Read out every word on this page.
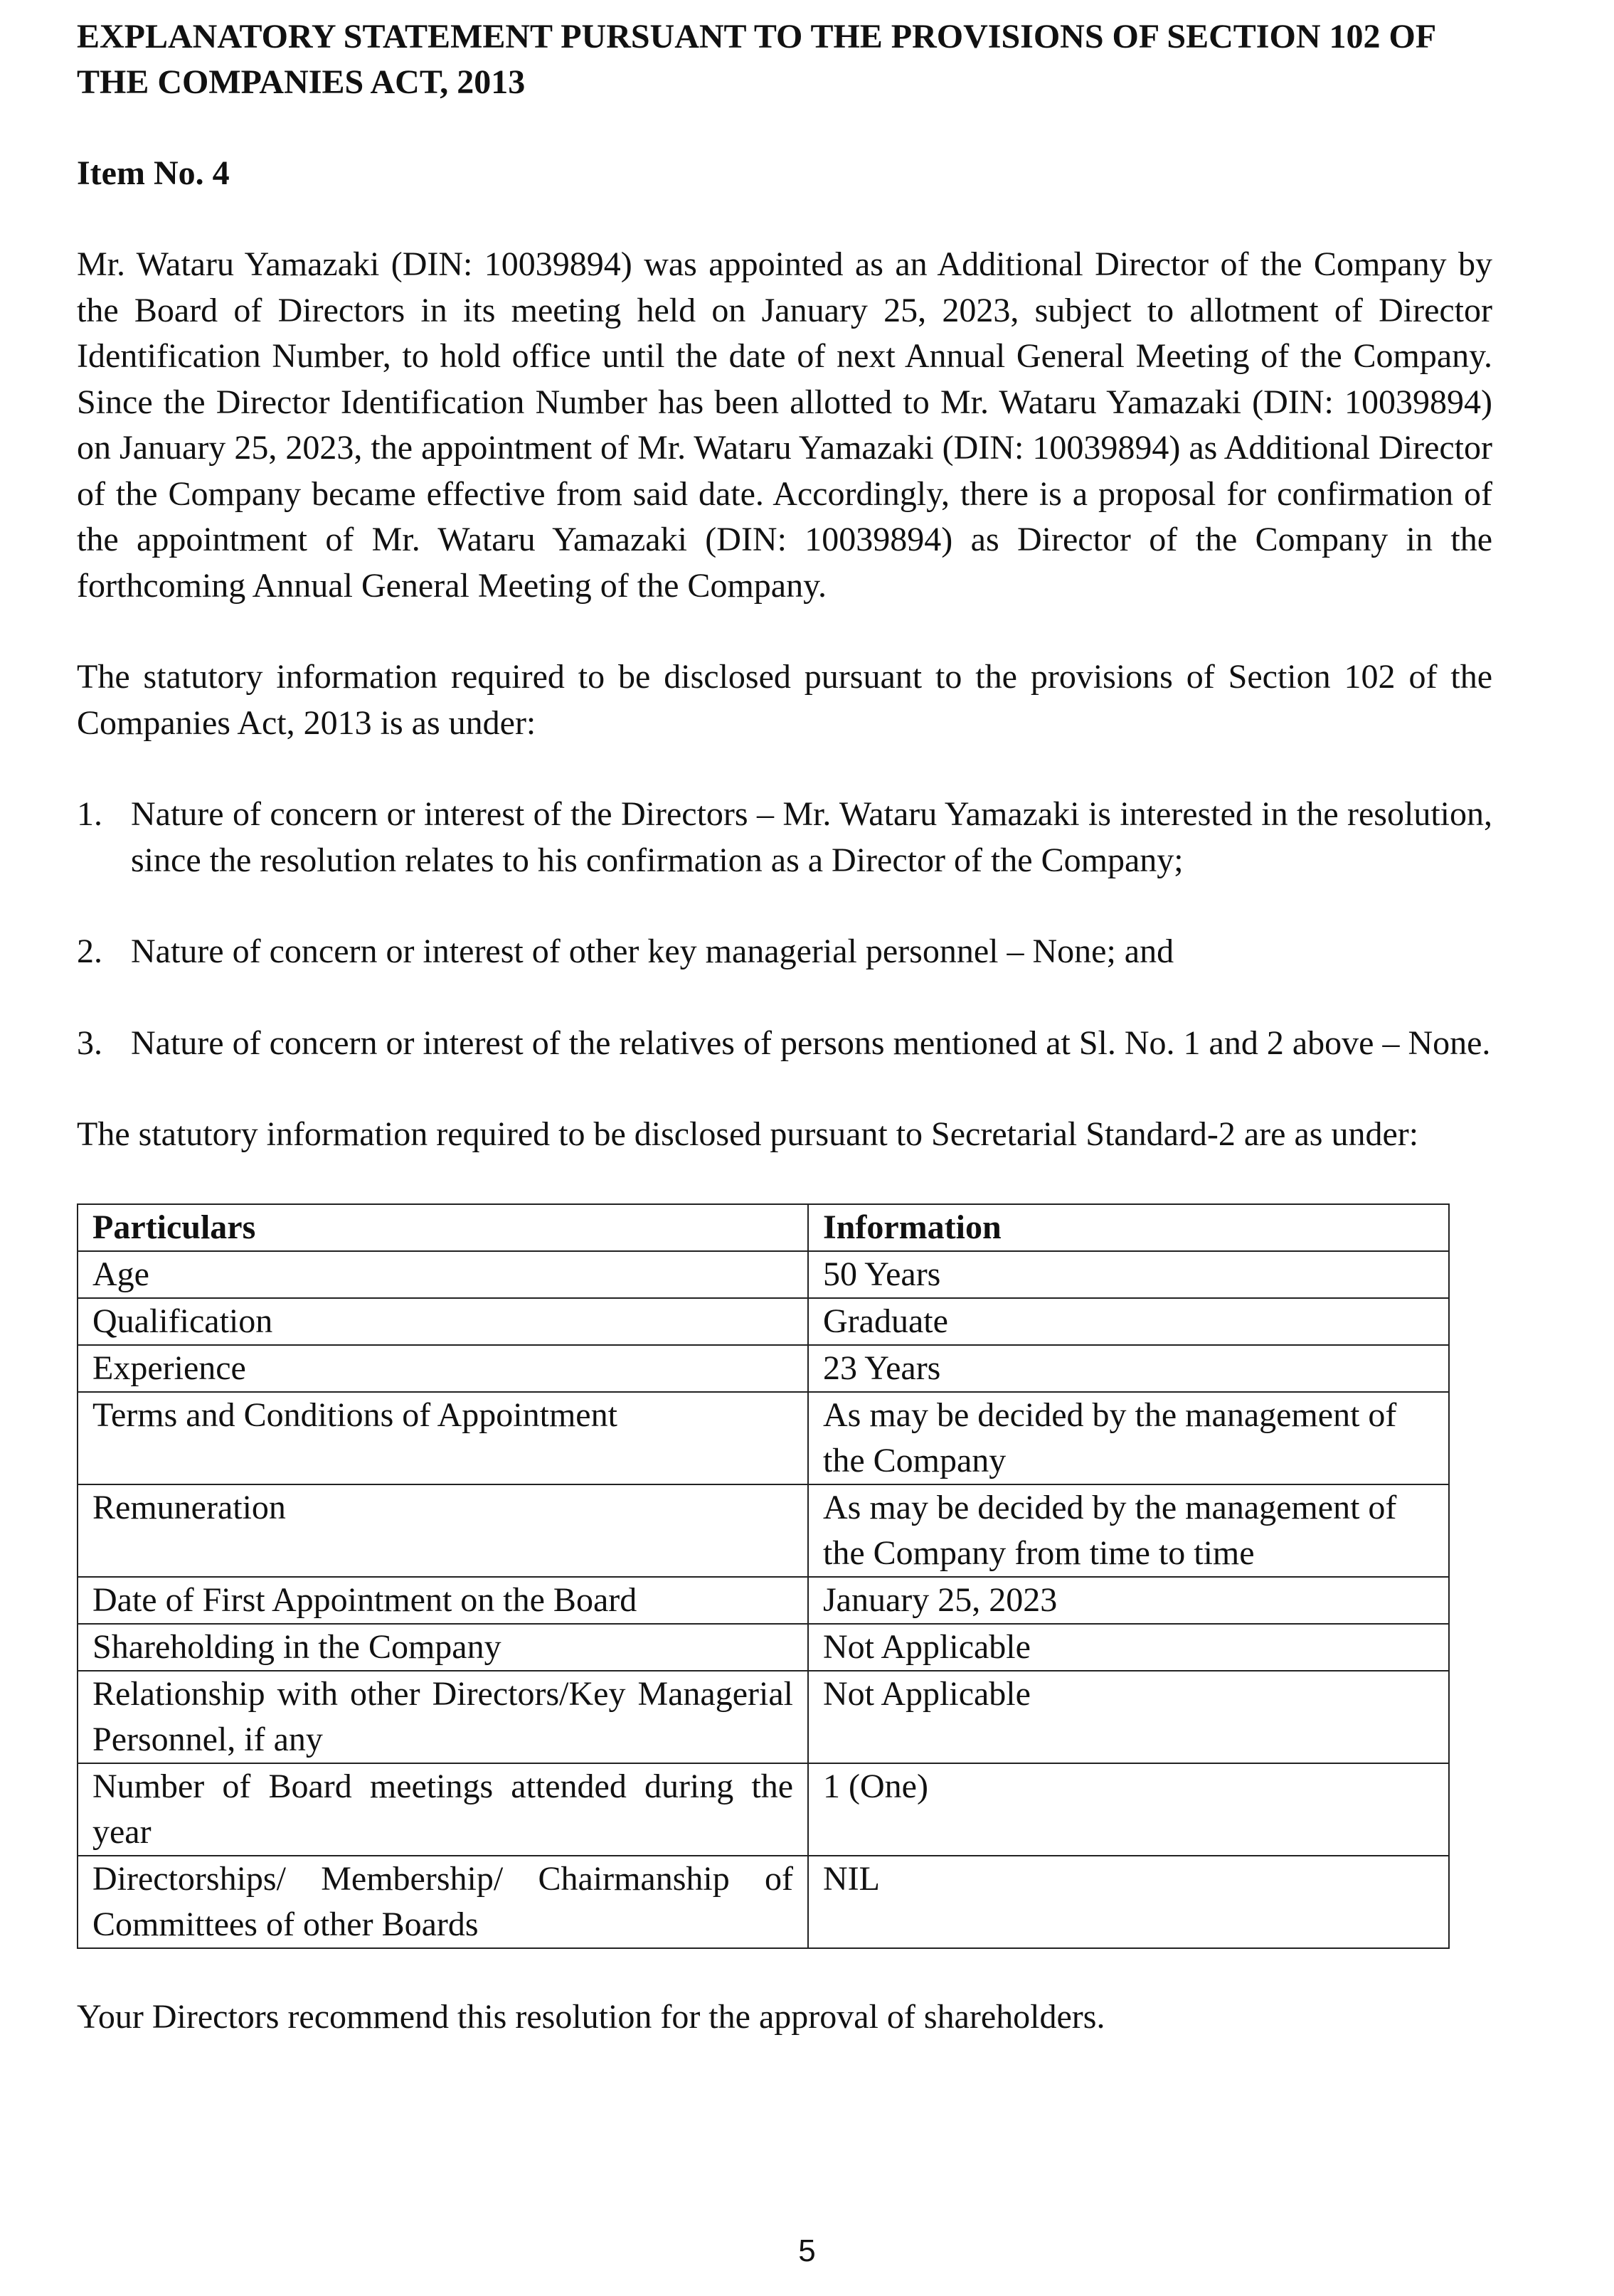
EXPLANATORY STATEMENT PURSUANT TO THE PROVISIONS OF SECTION 102 OF THE COMPANIES ACT, 2013
Item No. 4

Mr. Wataru Yamazaki (DIN: 10039894) was appointed as an Additional Director of the Company by the Board of Directors in its meeting held on January 25, 2023, subject to allotment of Director Identification Number, to hold office until the date of next Annual General Meeting of the Company. Since the Director Identification Number has been allotted to Mr. Wataru Yamazaki (DIN: 10039894) on January 25, 2023, the appointment of Mr. Wataru Yamazaki (DIN: 10039894) as Additional Director of the Company became effective from said date. Accordingly, there is a proposal for confirmation of the appointment of Mr. Wataru Yamazaki (DIN: 10039894) as Director of the Company in the forthcoming Annual General Meeting of the Company.

The statutory information required to be disclosed pursuant to the provisions of Section 102 of the Companies Act, 2013 is as under:

1. Nature of concern or interest of the Directors – Mr. Wataru Yamazaki is interested in the resolution, since the resolution relates to his confirmation as a Director of the Company;
2. Nature of concern or interest of other key managerial personnel – None; and
3. Nature of concern or interest of the relatives of persons mentioned at Sl. No. 1 and 2 above – None.

The statutory information required to be disclosed pursuant to Secretarial Standard-2 are as under:

Particulars	Information
Age	50 Years
Qualification	Graduate
Experience	23 Years
Terms and Conditions of Appointment	As may be decided by the management of the Company
Remuneration	As may be decided by the management of the Company from time to time
Date of First Appointment on the Board	January 25, 2023
Shareholding in the Company	Not Applicable
Relationship with other Directors/Key Managerial Personnel, if any	Not Applicable
Number of Board meetings attended during the year	1 (One)
Directorships/ Membership/ Chairmanship of Committees of other Boards	NIL

Your Directors recommend this resolution for the approval of shareholders.

5
